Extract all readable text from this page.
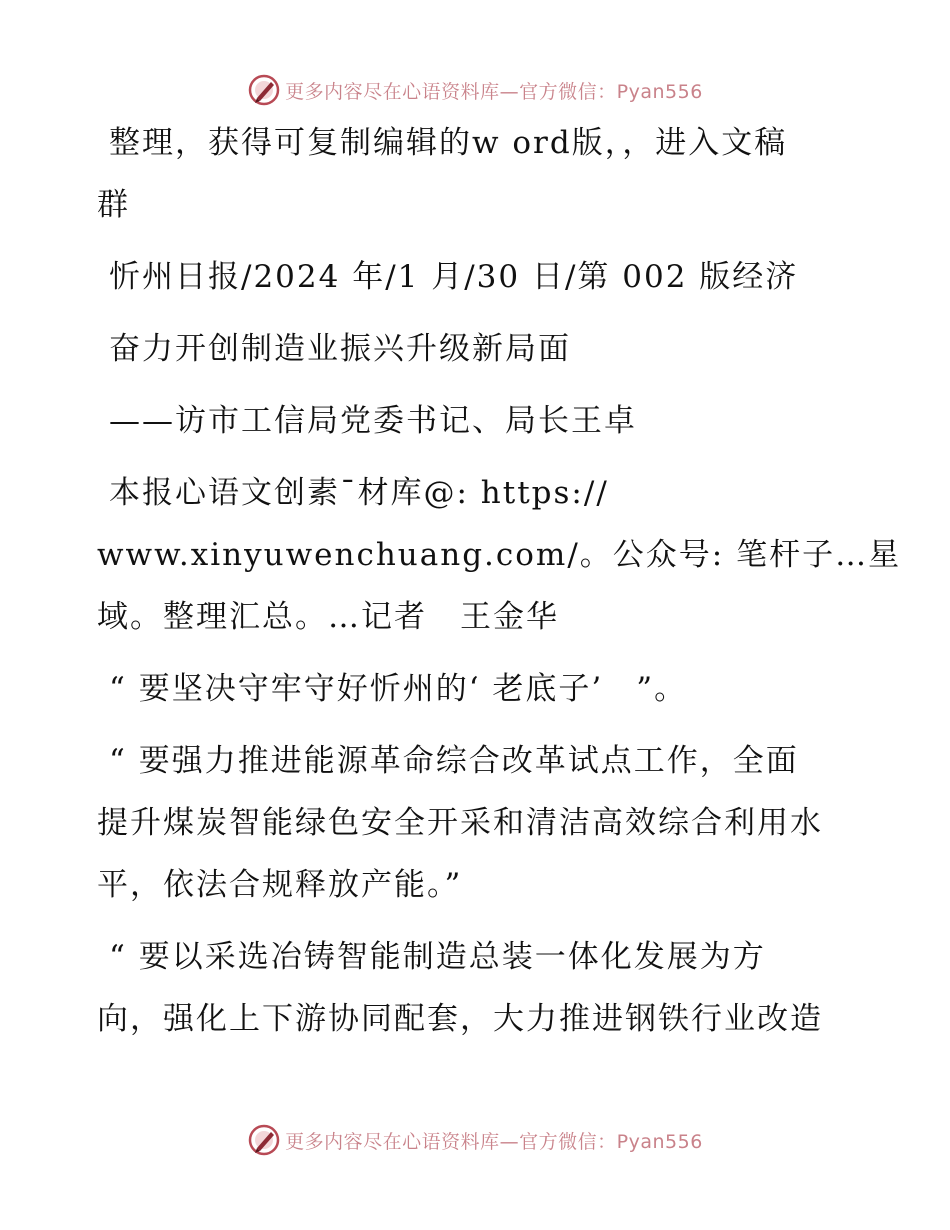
更多内容尽在心语资料库—官方微信：Pyan556
整理，获得可复制编辑的w ord版，，进入文稿
群
忻州日报/2024 年/1 月/30 日/第 002 版经济
奋力开创制造业振兴升级新局面
——访市工信局党委书记、局长王卓
本报心语文创素¯材库@: https://
www.xinyuwenchuang.com/。公众号: 笔杆子…星
域。整理汇总。…记者　王金华
“ 要坚决守牢守好忻州的‘ 老底子’　”。
“ 要强力推进能源革命综合改革试点工作，全面
提升煤炭智能绿色安全开采和清洁高效综合利用水
平，依法合规释放产能。”
“ 要以采选冶铸智能制造总装一体化发展为方
向，强化上下游协同配套，大力推进钢铁行业改造
更多内容尽在心语资料库—官方微信：Pyan556
